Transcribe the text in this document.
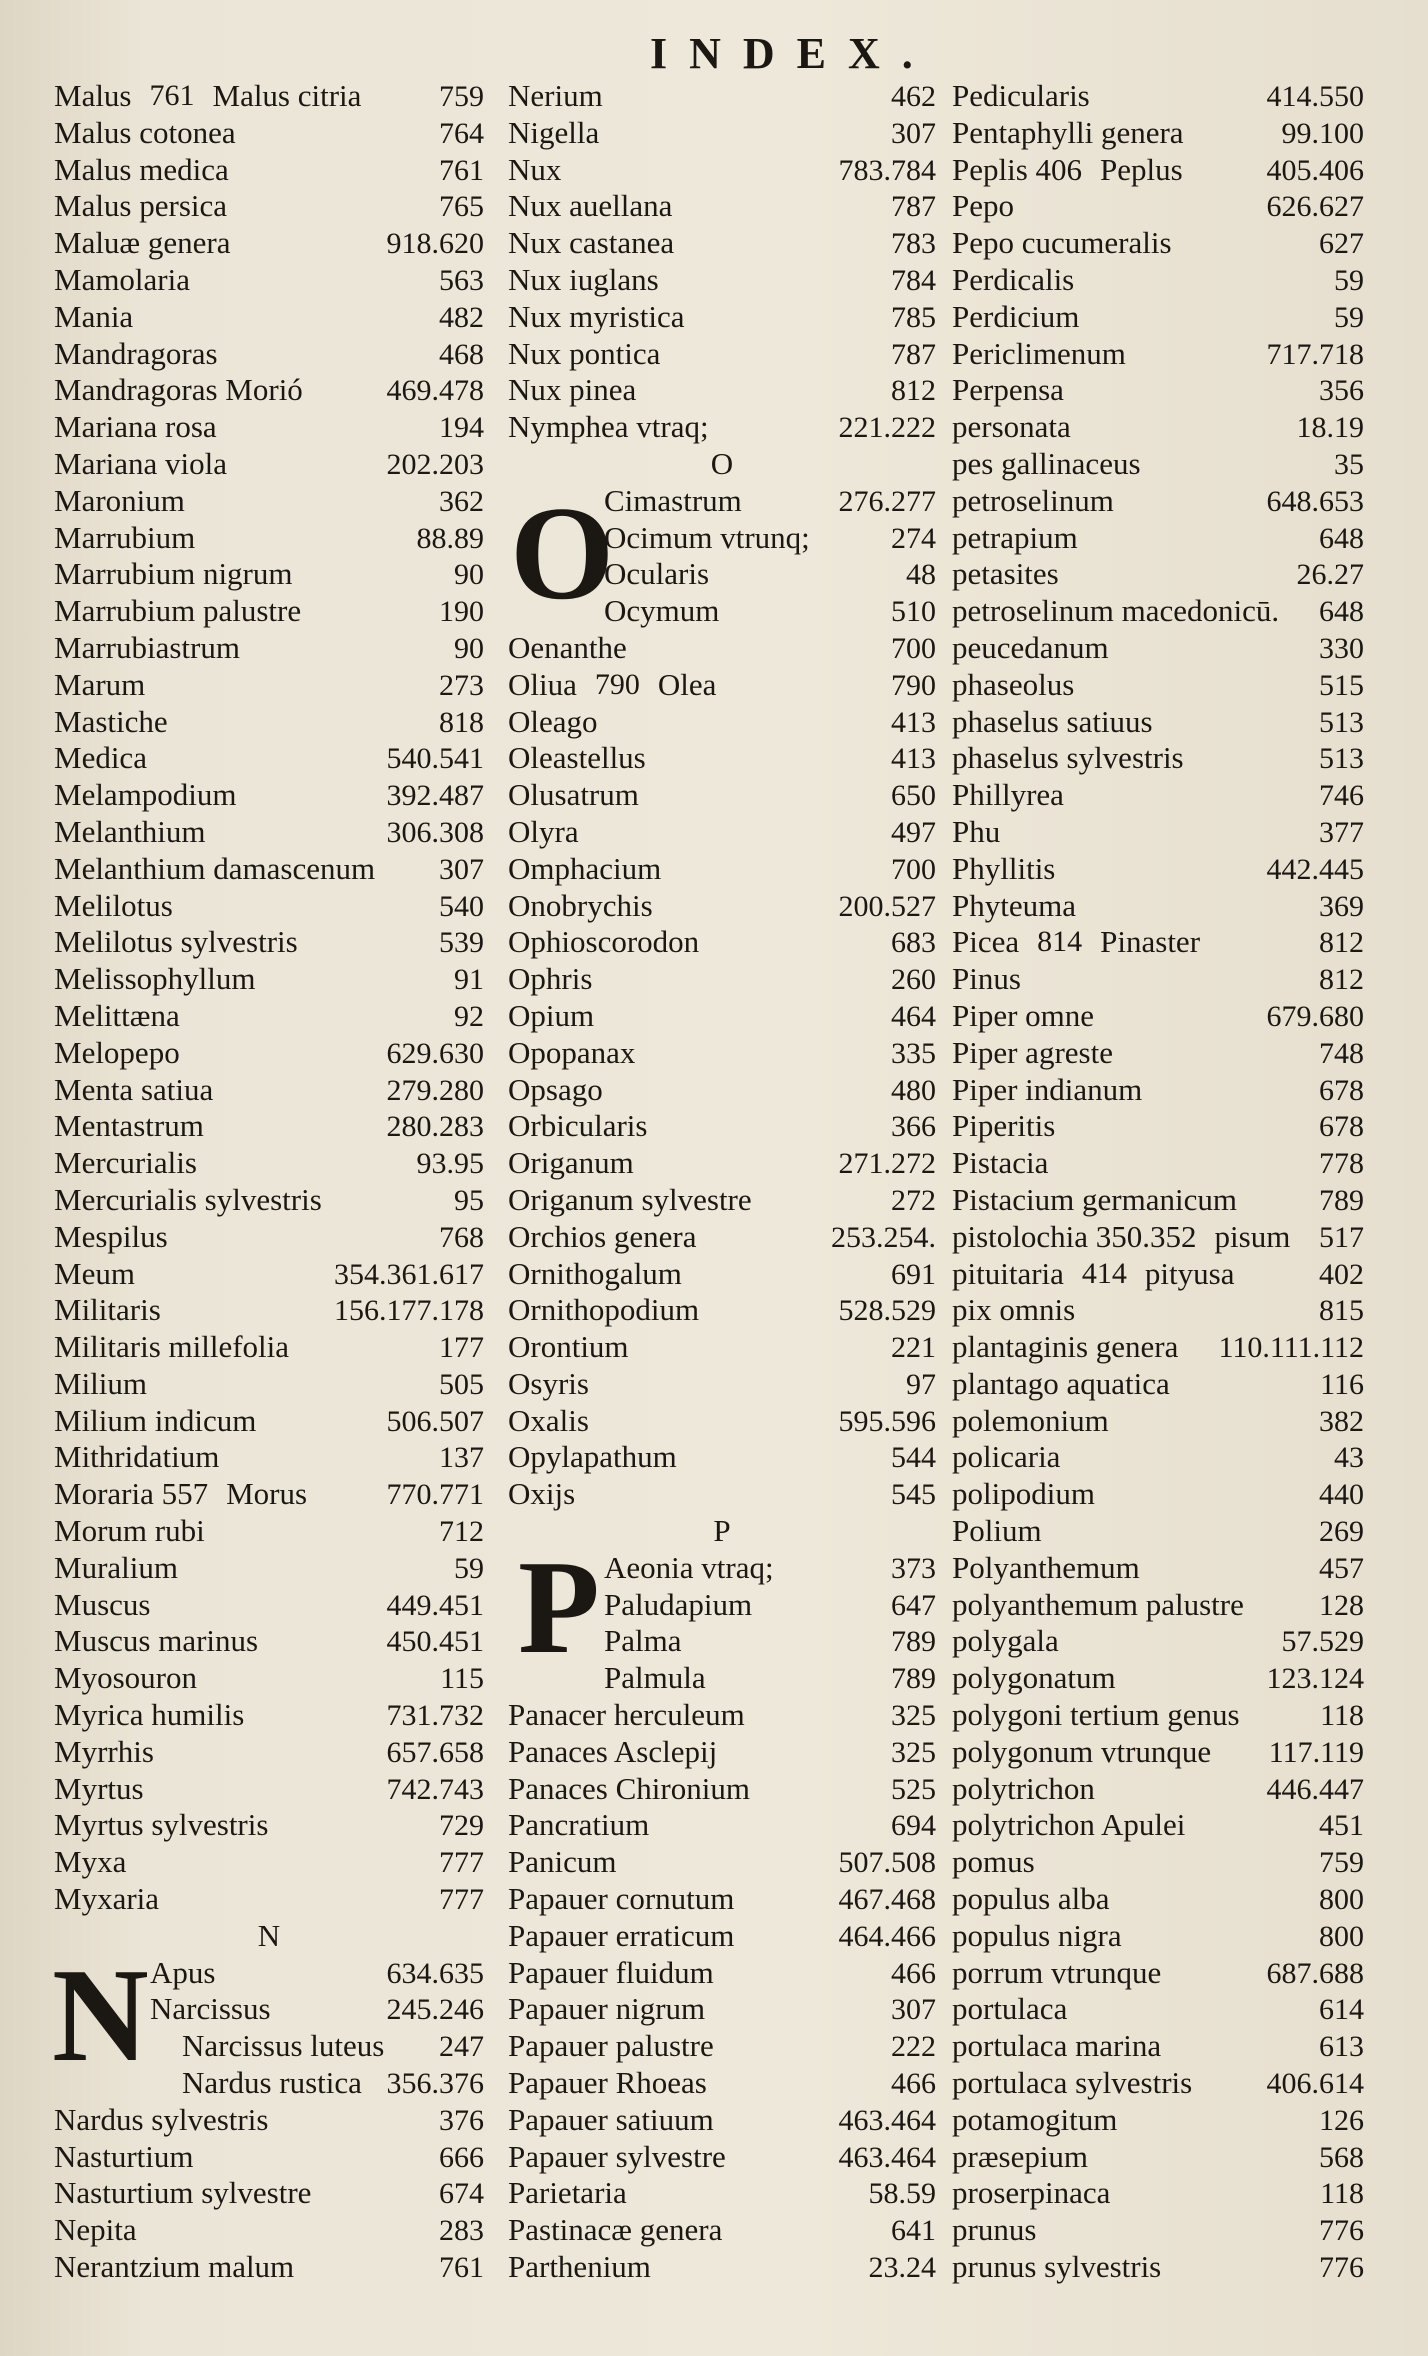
INDEX.
N
O
P
Malus 761 Malus citria	759
Malus cotonea	764
Malus medica	761
Malus persica	765
Maluæ genera	918.620
Mamolaria	563
Mania	482
Mandragoras	468
Mandragoras Morió	469.478
Mariana rosa	194
Mariana viola	202.203
Maronium	362
Marrubium	88.89
Marrubium nigrum	90
Marrubium palustre	190
Marrubiastrum	90
Marum	273
Mastiche	818
Medica	540.541
Melampodium	392.487
Melanthium	306.308
Melanthium damascenum 307
Melilotus	540
Melilotus sylvestris	539
Melissophyllum	91
Melittæna	92
Melopepo	629.630
Menta satiua	279.280
Mentastrum	280.283
Mercurialis	93.95
Mercurialis sylvestris	95
Mespilus	768
Meum	354.361.617
Militaris	156.177.178
Militaris millefolia	177
Milium	505
Milium indicum	506.507
Mithridatium	137
Moraria 557 Morus	770.771
Morum rubi	712
Muralium	59
Muscus	449.451
Muscus marinus	450.451
Myosouron	115
Myrica humilis	731.732
Myrrhis	657.658
Myrtus	742.743
Myrtus sylvestris	729
Myxa	777
Myxaria	777
N
Apus	634.635
Narcissus	245.246
Narcissus luteus 247
Nardus rustica 356.376
Nardus sylvestris	376
Nasturtium	666
Nasturtium sylvestre	674
Nepita	283
Nerantzium malum	761
Nerium	462
Nigella	307
Nux	783.784
Nux auellana	787
Nux castanea	783
Nux iuglans	784
Nux myristica	785
Nux pontica	787
Nux pinea	812
Nymphea vtraq;	221.222
O
Cimastrum	276.277
Ocimum vtrunq;	274
Ocularis	48
Ocymum	510
Oenanthe	700
Oliua 790 Olea	790
Oleago	413
Oleastellus	413
Olusatrum	650
Olyra	497
Omphacium	700
Onobrychis	200.527
Ophioscorodon	683
Ophris	260
Opium	464
Opopanax	335
Opsago	480
Orbicularis	366
Origanum	271.272
Origanum sylvestre	272
Orchios genera	253.254.
Ornithogalum	691
Ornithopodium	528.529
Orontium	221
Osyris	97
Oxalis	595.596
Opylapathum	544
Oxijs	545
P
Aeonia vtraq;	373
Paludapium	647
Palma	789
Palmula	789
Panacer herculeum	325
Panaces Asclepij	325
Panaces Chironium	525
Pancratium	694
Panicum	507.508
Papauer cornutum	467.468
Papauer erraticum	464.466
Papauer fluidum	466
Papauer nigrum	307
Papauer palustre	222
Papauer Rhoeas	466
Papauer satiuum	463.464
Papauer sylvestre	463.464
Parietaria	58.59
Pastinacæ genera	641
Parthenium	23.24
Pedicularis	414.550
Pentaphylli genera	99.100
Peplis 406 Peplus	405.406
Pepo	626.627
Pepo cucumeralis	627
Perdicalis	59
Perdicium	59
Periclimenum	717.718
Perpensa	356
personata	18.19
pes gallinaceus	35
petroselinum	648.653
petrapium	648
petasites	26.27
petroselinum macedonicū. 648
peucedanum	330
phaseolus	515
phaselus satiuus	513
phaselus sylvestris	513
Phillyrea	746
Phu	377
Phyllitis	442.445
Phyteuma	369
Picea 814 Pinaster	812
Pinus	812
Piper omne	679.680
Piper agreste	748
Piper indianum	678
Piperitis	678
Pistacia	778
Pistacium germanicum	789
pistolochia 350.352 pisum 517
pituitaria 414 pityusa	402
pix omnis	815
plantaginis genera 110.111.112
plantago aquatica	116
polemonium	382
policaria	43
polipodium	440
Polium	269
Polyanthemum	457
polyanthemum palustre	128
polygala	57.529
polygonatum	123.124
polygoni tertium genus	118
polygonum vtrunque 117.119
polytrichon	446.447
polytrichon Apulei	451
pomus	759
populus alba	800
populus nigra	800
porrum vtrunque	687.688
portulaca	614
portulaca marina	613
portulaca sylvestris 406.614
potamogitum	126
præsepium	568
proserpinaca	118
prunus	776
prunus sylvestris	776
